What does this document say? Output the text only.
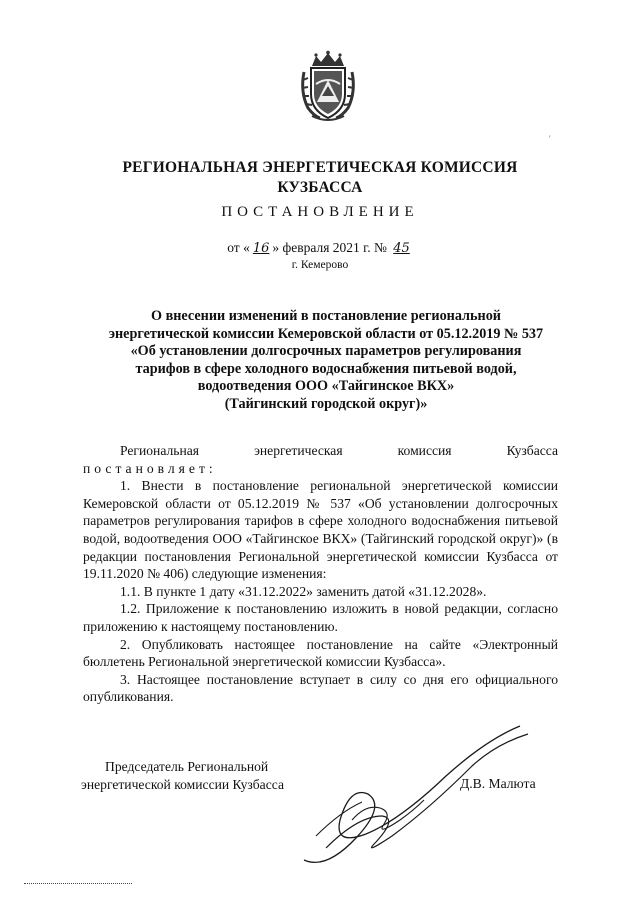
'
РЕГИОНАЛЬНАЯ ЭНЕРГЕТИЧЕСКАЯ КОМИССИЯ
КУЗБАССА
ПОСТАНОВЛЕНИЕ
от « 16 » февраля 2021 г. № 45
г. Кемерово
О внесении изменений в постановление региональной
энергетической комиссии Кемеровской области от 05.12.2019 № 537
«Об установлении долгосрочных параметров регулирования
тарифов в сфере холодного водоснабжения питьевой водой,
водоотведения ООО «Тайгинское ВКХ»
(Тайгинский городской округ)»

Региональная энергетическая комиссия Кузбасса

постановляет:

1. Внести в постановление региональной энергетической комиссии Кемеровской области от 05.12.2019 № 537 «Об установлении долгосрочных параметров регулирования тарифов в сфере холодного водоснабжения питьевой водой, водоотведения ООО «Тайгинское ВКХ» (Тайгинский городской округ)» (в редакции постановления Региональной энергетической комиссии Кузбасса от 19.11.2020 № 406) следующие изменения:

1.1. В пункте 1 дату «31.12.2022» заменить датой «31.12.2028».

1.2. Приложение к постановлению изложить в новой редакции, согласно приложению к настоящему постановлению.

2. Опубликовать настоящее постановление на сайте «Электронный бюллетень Региональной энергетической комиссии Кузбасса».

3. Настоящее постановление вступает в силу со дня его официального опубликования.

Председатель Региональной
энергетической комиссии Кузбасса	Д.В. Малюта
